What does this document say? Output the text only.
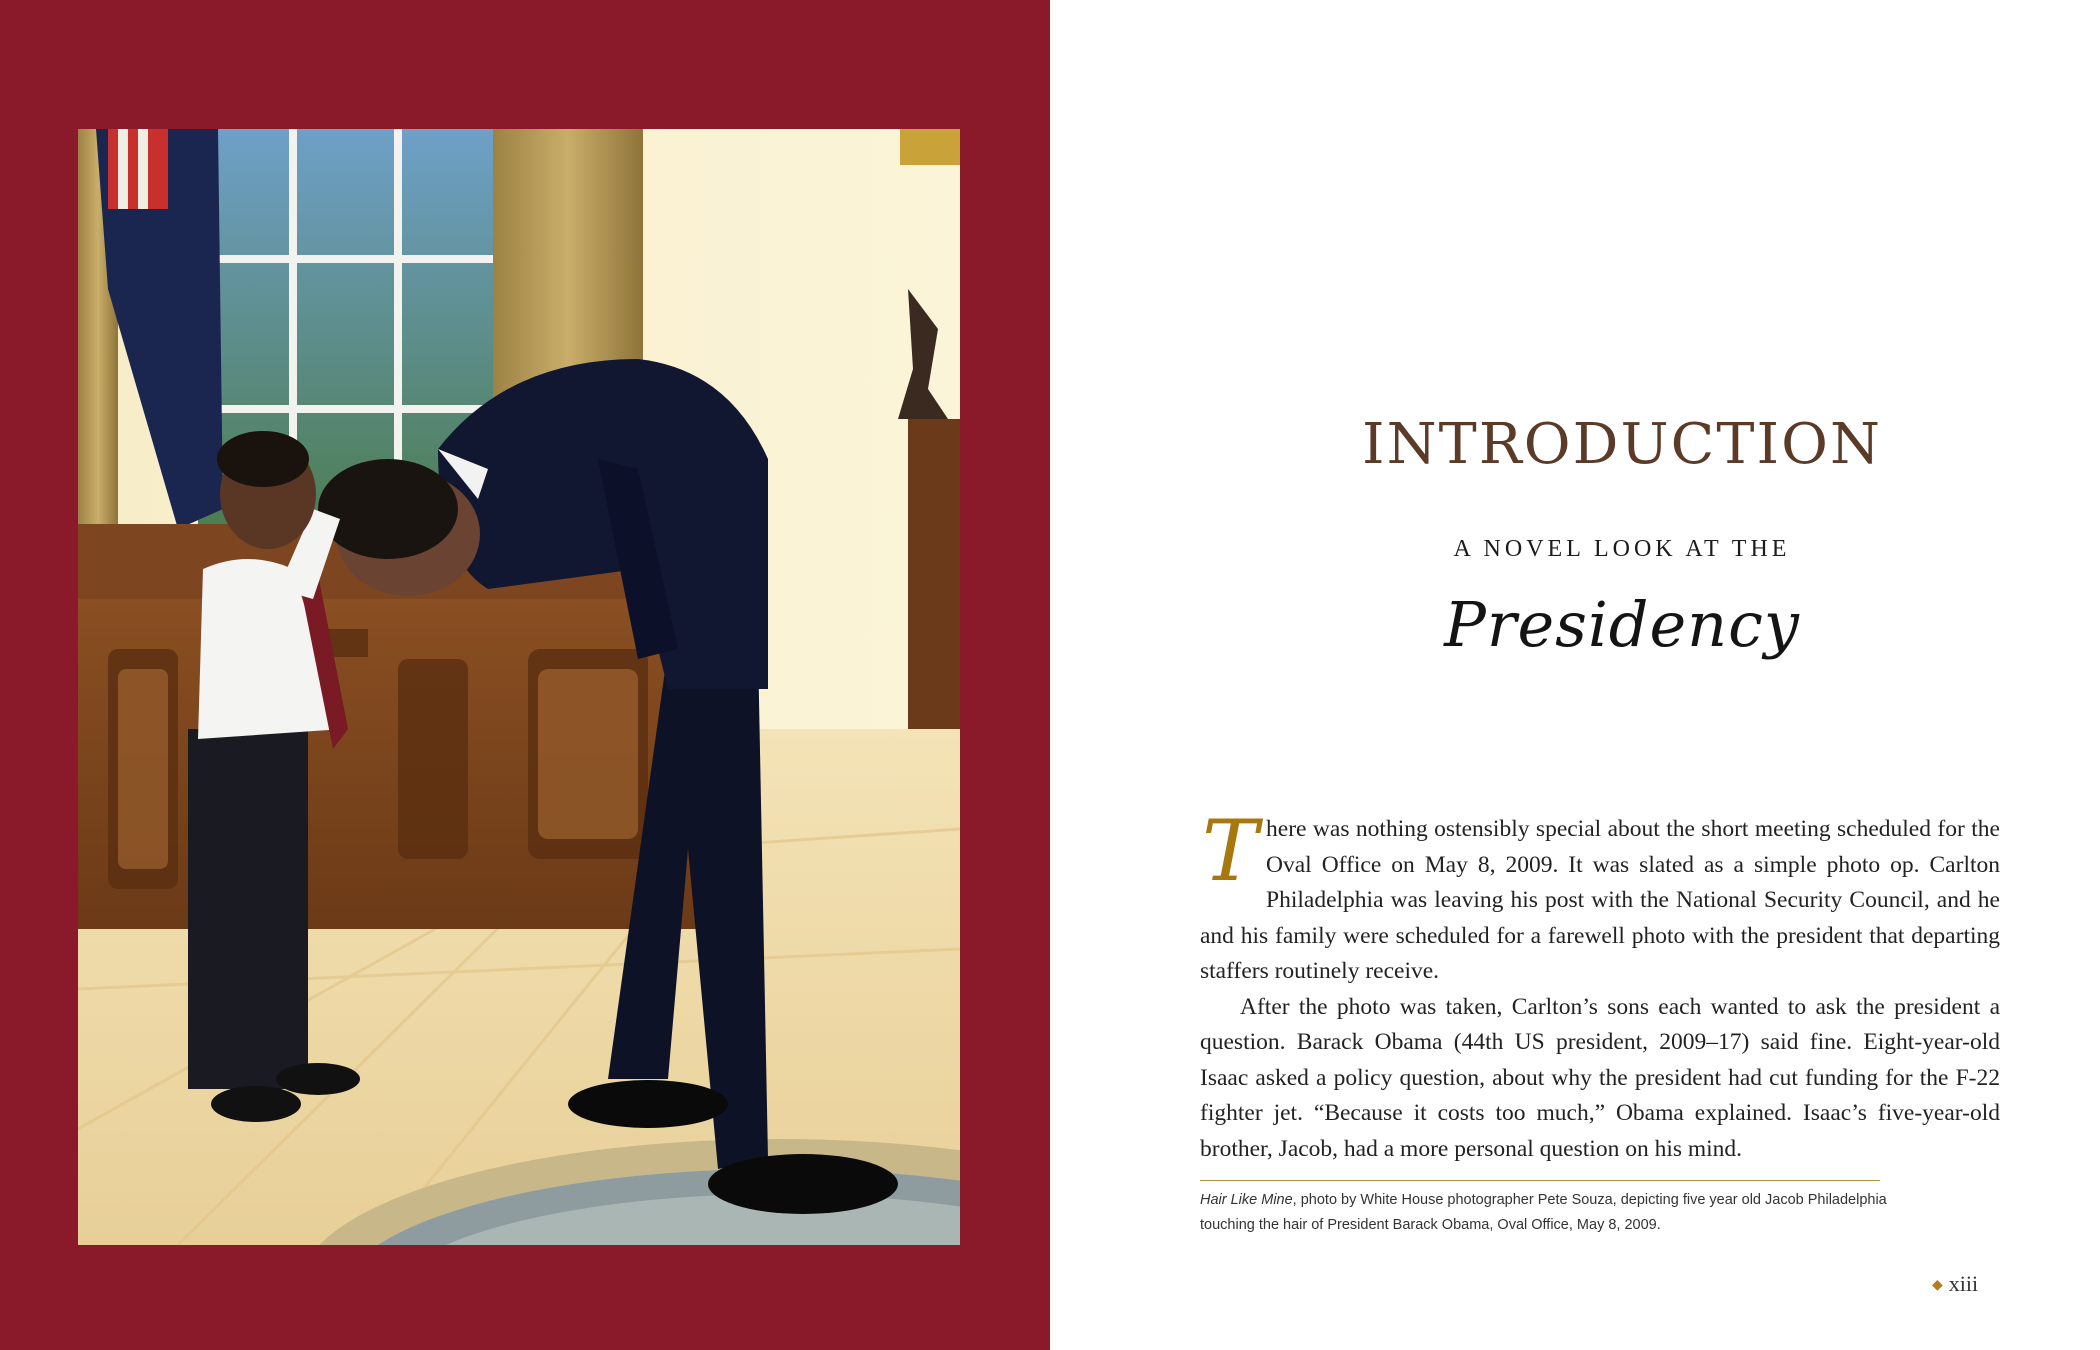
INTRODUCTION
A NOVEL LOOK AT THE
Presidency

There was nothing ostensibly special about the short meeting scheduled for the Oval Office on May 8, 2009. It was slated as a simple photo op. Carlton Philadelphia was leaving his post with the National Security Council, and he and his family were scheduled for a farewell photo with the president that departing staffers routinely receive.

After the photo was taken, Carlton’s sons each wanted to ask the president a question. Barack Obama (44th US president, 2009–17) said fine. Eight-year-old Isaac asked a policy question, about why the president had cut funding for the F-22 fighter jet. “Because it costs too much,” Obama explained. Isaac’s five-year-old brother, Jacob, had a more personal question on his mind.

Hair Like Mine, photo by White House photographer Pete Souza, depicting five year old Jacob Philadelphia touching the hair of President Barack Obama, Oval Office, May 8, 2009.
◆ xiii
